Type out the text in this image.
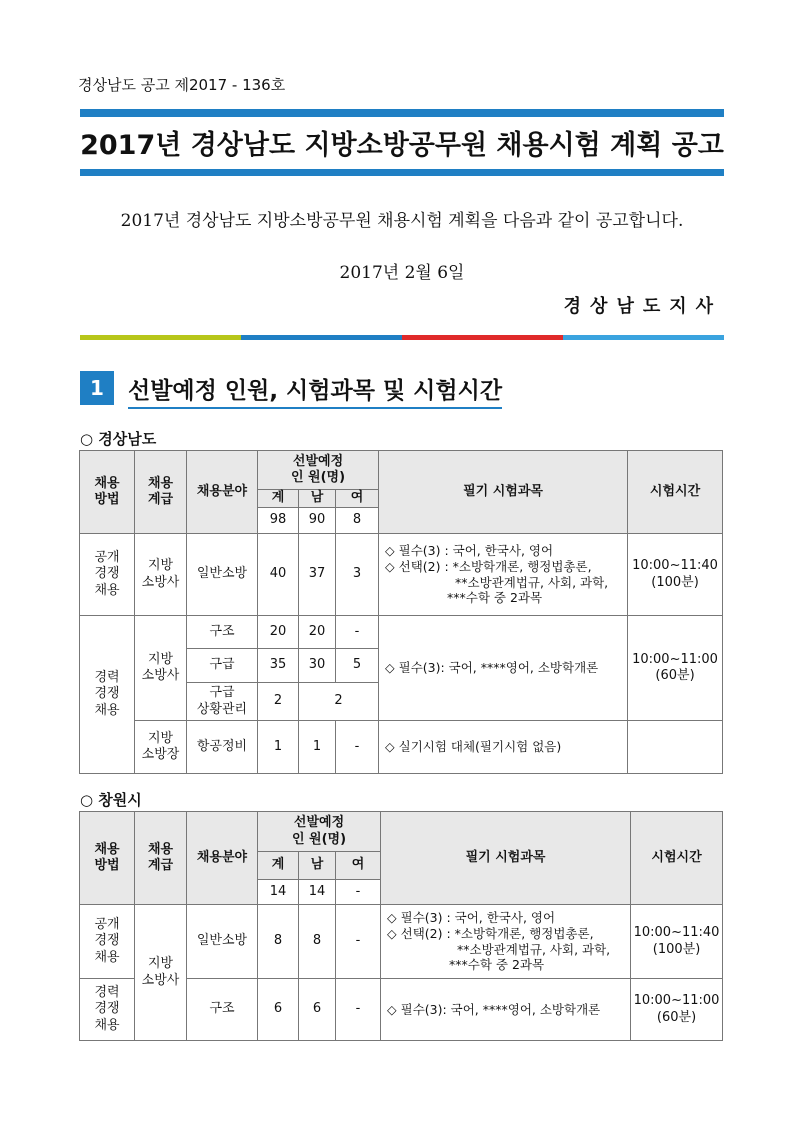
경상남도 공고 제2017 - 136호
2017년 경상남도 지방소방공무원 채용시험 계획 공고
2017년 경상남도 지방소방공무원 채용시험 계획을 다음과 같이 공고합니다.
2017년 2월 6일
경상남도지사
1	선발예정 인원, 시험과목 및 시험시간
○ 경상남도
채용
방법	채용
계급	채용분야	선발예정
인 원(명)			필기 시험과목	시험시간
			계	남	여		
			98	90	8		
공개
경쟁
채용	지방
소방사	일반소방	40	37	3	◇ 필수(3) : 국어, 한국사, 영어
◇ 선택(2) : *소방학개론, 행정법총론,
**소방관계법규, 사회, 과학,
***수학 중 2과목	10:00~11:40
(100분)
경력
경쟁
채용	지방
소방사	구조	20	20	-	◇ 필수(3): 국어, ****영어, 소방학개론	10:00~11:00
(60분)
		구급	35	30	5		
		구급
상황관리	2	2			
	지방
소방장	항공정비	1	1	-	◇ 실기시험 대체(필기시험 없음)	
○ 창원시
채용
방법	채용
계급	채용분야	선발예정
인 원(명)			필기 시험과목	시험시간
			계	남	여		
			14	14	-		
공개
경쟁
채용	지방
소방사	일반소방	8	8	-	◇ 필수(3) : 국어, 한국사, 영어
◇ 선택(2) : *소방학개론, 행정법총론,
**소방관계법규, 사회, 과학,
***수학 중 2과목	10:00~11:40
(100분)
경력
경쟁
채용		구조	6	6	-	◇ 필수(3): 국어, ****영어, 소방학개론	10:00~11:00
(60분)
